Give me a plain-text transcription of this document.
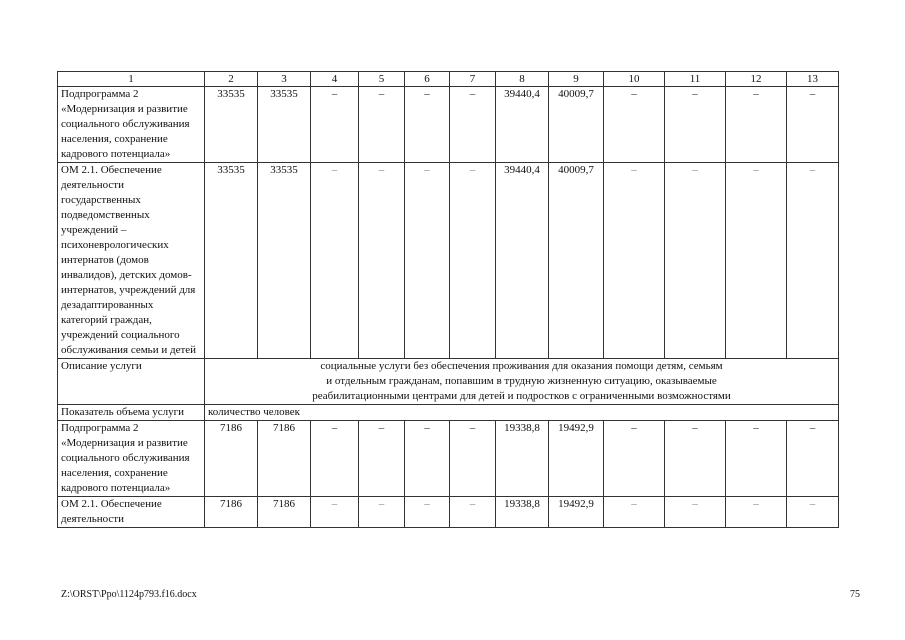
1	2	3	4	5	6	7	8	9	10	11	12	13
Подпрограмма 2 «Модернизация и развитие социального обслуживания населения, сохранение кадрового потенциала»	33535	33535	–	–	–	–	39440,4	40009,7	–	–	–	–
ОМ 2.1. Обеспечение деятельности государственных подведомственных учреждений – психоневрологических интернатов (домов инвалидов), детских домов-интернатов, учреждений для дезадаптированных категорий граждан, учреждений социального обслуживания семьи и детей	33535	33535	–	–	–	–	39440,4	40009,7	–	–	–	–
Описание услуги	социальные услуги без обеспечения проживания для оказания помощи детям, семьям
и отдельным гражданам, попавшим в трудную жизненную ситуацию, оказываемые
реабилитационными центрами для детей и подростков с ограниченными возможностями											

Показатель объема услуги	количество человек											
Подпрограмма 2 «Модернизация и развитие социального обслуживания населения, сохранение кадрового потенциала»	7186	7186	–	–	–	–	19338,8	19492,9	–	–	–	–
ОМ 2.1. Обеспечение деятельности	7186	7186	–	–	–	–	19338,8	19492,9	–	–	–	–
Z:\ORST\Ppo\1124p793.f16.docx	75
